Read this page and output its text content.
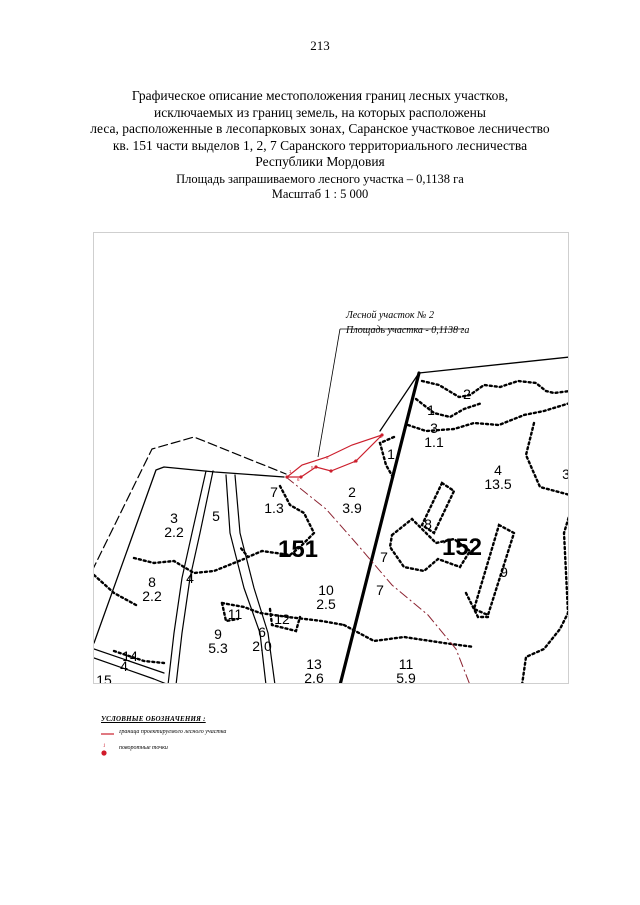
213
Графическое описание местоположения границ лесных участков,
исключаемых из границ земель, на которых расположены
леса, расположенные в лесопарковых зонах, Саранское участковое лесничество
кв. 151 части выделов 1, 2, 7 Саранского территориального лесничества
Республики Мордовия
Площадь запрашиваемого лесного участка – 0,1138 га
Масштаб 1 : 5 000
Лесной участок № 2
Площадь участка - 0,1138 га
1
2
3
4
5
6
151	152
2
1
3
1.1
1
4
13.5
3
3
2.2
5
7
1.3
2
3.9
8
4
7
7
9
8
2.2	10
2.5
11 12
9
5.3
6
2.0
14
4
15
13
2.6
11
5.9
УСЛОВНЫЕ ОБОЗНАЧЕНИЯ :
граница проектируемого лесного участка
1 поворотные точки
